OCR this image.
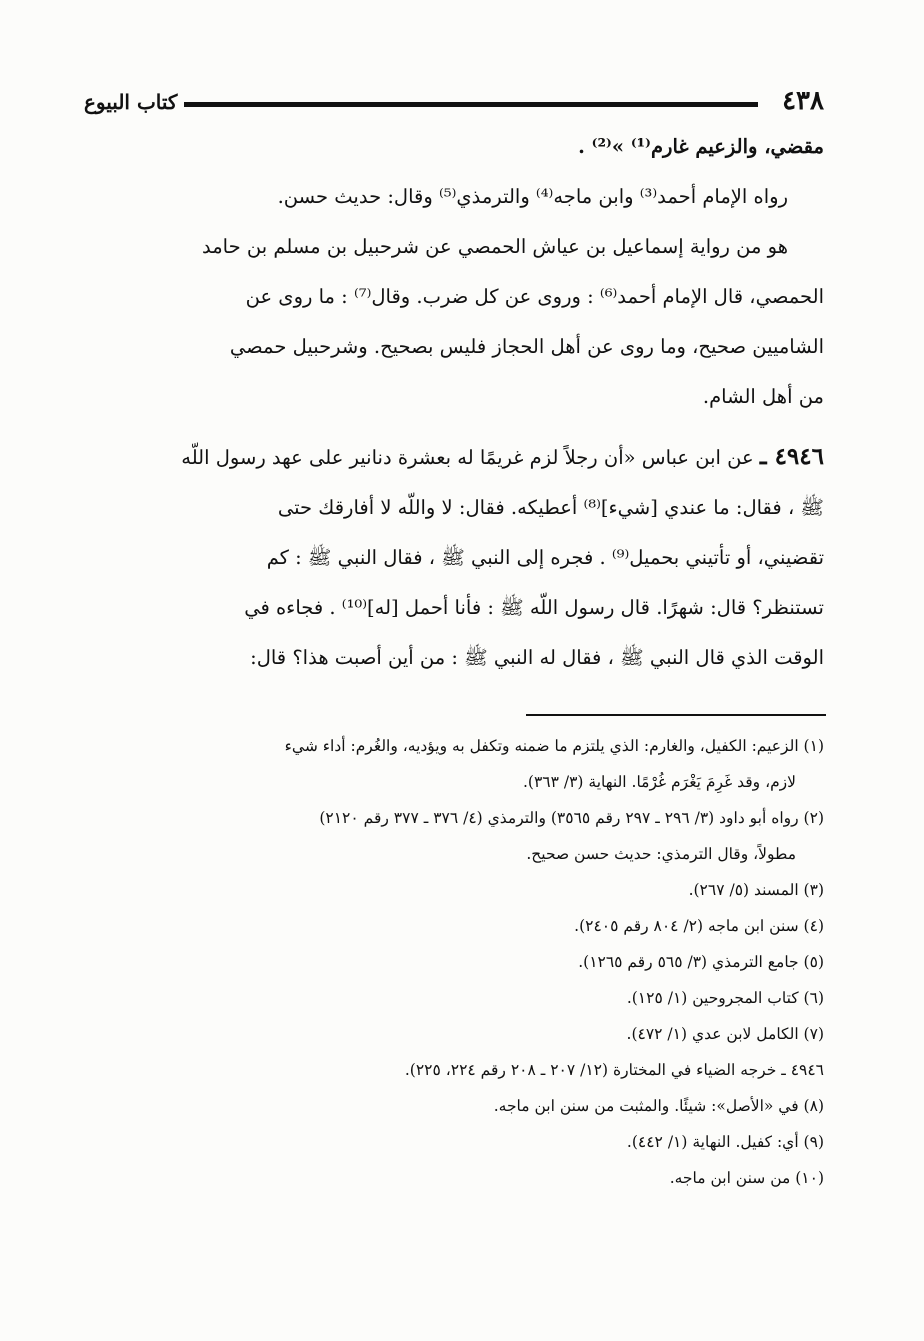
٤٣٨
كتاب البيوع
مقضي، والزعيم غارم⁽¹⁾ »⁽²⁾ .
رواه الإمام أحمد⁽³⁾ وابن ماجه⁽⁴⁾ والترمذي⁽⁵⁾ وقال: حديث حسن.
هو من رواية إسماعيل بن عياش الحمصي عن شرحبيل بن مسلم بن حامد
الحمصي، قال الإمام أحمد⁽⁶⁾ : وروى عن كل ضرب. وقال⁽⁷⁾ : ما روى عن
الشاميين صحيح، وما روى عن أهل الحجاز فليس بصحيح. وشرحبيل حمصي
من أهل الشام.
٤٩٤٦ ـ عن ابن عباس «أن رجلاً لزم غريمًا له بعشرة دنانير على عهد رسول اللّه
ﷺ ، فقال: ما عندي [شيء]⁽⁸⁾ أعطيكه. فقال: لا واللّه لا أفارقك حتى
تقضيني، أو تأتيني بحميل⁽⁹⁾ . فجره إلى النبي ﷺ ، فقال النبي ﷺ : كم
تستنظر؟ قال: شهرًا. قال رسول اللّه ﷺ : فأنا أحمل [له]⁽¹⁰⁾ . فجاءه في
الوقت الذي قال النبي ﷺ ، فقال له النبي ﷺ : من أين أصبت هذا؟ قال:
(١) الزعيم: الكفيل، والغارم: الذي يلتزم ما ضمنه وتكفل به ويؤديه، والغُرم: أداء شيء
لازم، وقد غَرِمَ يَغْرَم غُرْمًا. النهاية (٣/ ٣٦٣).
(٢) رواه أبو داود (٣/ ٢٩٦ ـ ٢٩٧ رقم ٣٥٦٥) والترمذي (٤/ ٣٧٦ ـ ٣٧٧ رقم ٢١٢٠)
مطولاً، وقال الترمذي: حديث حسن صحيح.
(٣) المسند (٥/ ٢٦٧).
(٤) سنن ابن ماجه (٢/ ٨٠٤ رقم ٢٤٠٥).
(٥) جامع الترمذي (٣/ ٥٦٥ رقم ١٢٦٥).
(٦) كتاب المجروحين (١/ ١٢٥).
(٧) الكامل لابن عدي (١/ ٤٧٢).
٤٩٤٦ ـ خرجه الضياء في المختارة (١٢/ ٢٠٧ ـ ٢٠٨ رقم ٢٢٤، ٢٢٥).
(٨) في «الأصل»: شيئًا. والمثبت من سنن ابن ماجه.
(٩) أي: كفيل. النهاية (١/ ٤٤٢).
(١٠) من سنن ابن ماجه.
